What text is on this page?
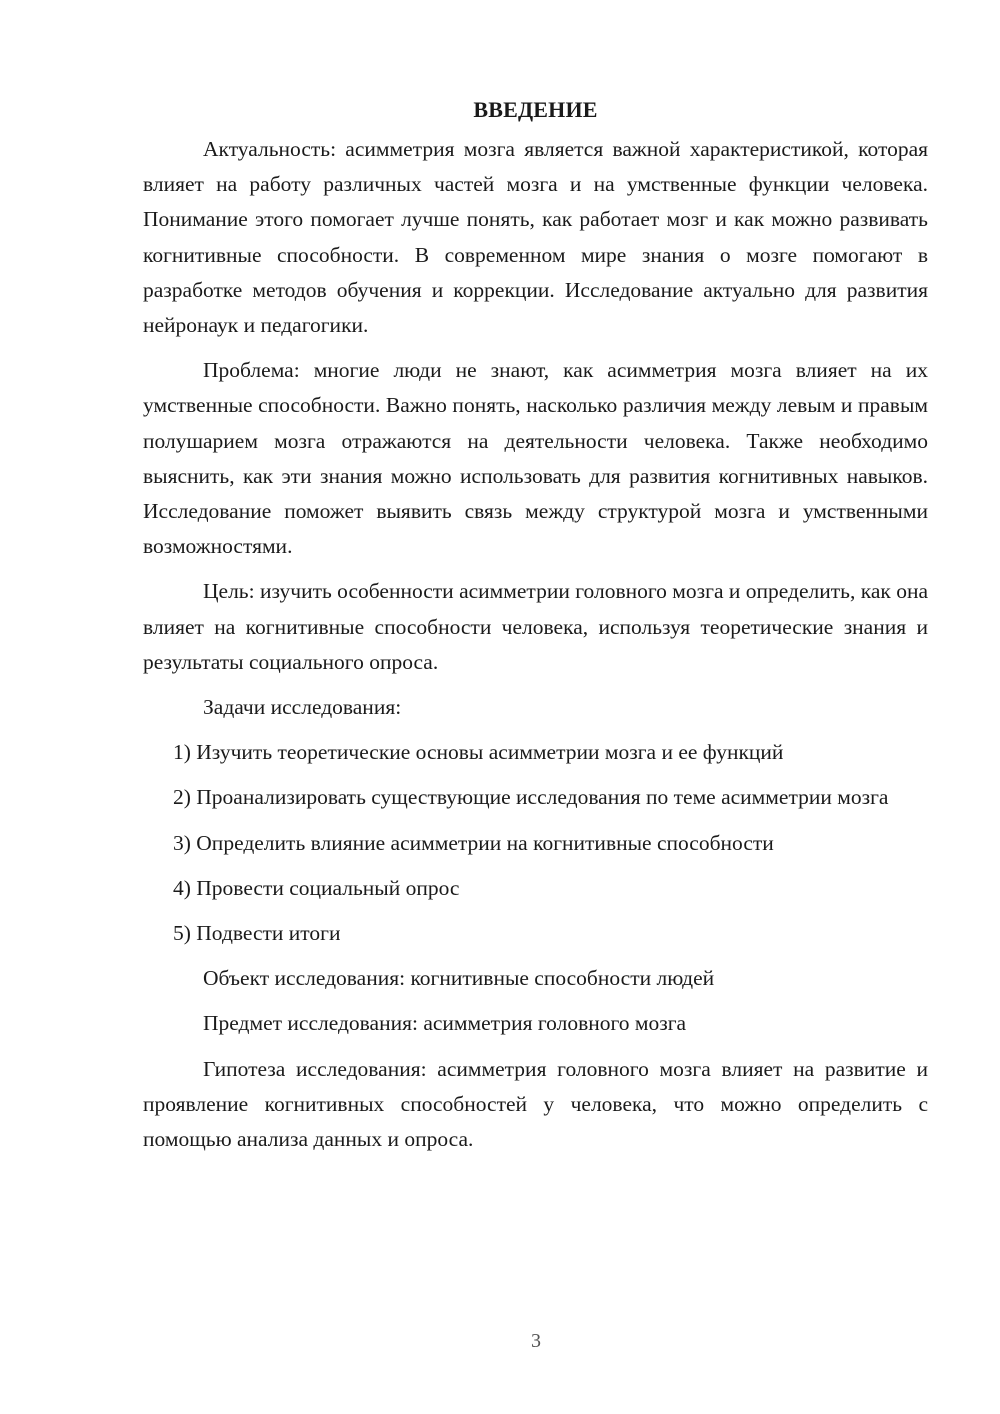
ВВЕДЕНИЕ

Актуальность: асимметрия мозга является важной характеристикой, которая влияет на работу различных частей мозга и на умственные функции человека. Понимание этого помогает лучше понять, как работает мозг и как можно развивать когнитивные способности. В современном мире знания о мозге помогают в разработке методов обучения и коррекции. Исследование актуально для развития нейронаук и педагогики.

Проблема: многие люди не знают, как асимметрия мозга влияет на их умственные способности. Важно понять, насколько различия между левым и правым полушарием мозга отражаются на деятельности человека. Также необходимо выяснить, как эти знания можно использовать для развития когнитивных навыков. Исследование поможет выявить связь между структурой мозга и умственными возможностями.

Цель: изучить особенности асимметрии головного мозга и определить, как она влияет на когнитивные способности человека, используя теоретические знания и результаты социального опроса.

Задачи исследования:

1) Изучить теоретические основы асимметрии мозга и ее функций

2) Проанализировать существующие исследования по теме асимметрии мозга

3) Определить влияние асимметрии на когнитивные способности

4) Провести социальный опрос

5) Подвести итоги

Объект исследования: когнитивные способности людей

Предмет исследования: асимметрия головного мозга

Гипотеза исследования: асимметрия головного мозга влияет на развитие и проявление когнитивных способностей у человека, что можно определить с помощью анализа данных и опроса.

3
